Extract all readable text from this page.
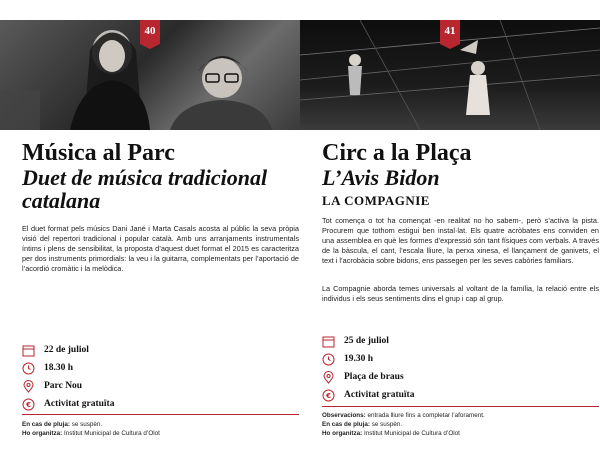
40	41
Música al Parc
Duet de música tradicional catalana

El duet format pels músics Dani Jané i Marta Casals acosta al públic la seva pròpia visió del repertori tradicional i popular català. Amb uns arranjaments instrumentals íntims i plens de sensibilitat, la proposta d’aquest duet format el 2015 es caracteritza per dos instruments primordials: la veu i la guitarra, complementats per l’aportació de l’acordió cromàtic i la melòdica.

22 de juliol
18.30 h
Parc Nou
€ Activitat gratuïta
En cas de pluja: se suspèn.
Ho organitza: Institut Municipal de Cultura d’Olot
Circ a la Plaça
L’Avis Bidon
LA COMPAGNIE

Tot comença o tot ha començat -en realitat no ho sabem-, però s’activa la pista. Procurem que tothom estigui ben instal·lat. Els quatre acròbates ens conviden en una assemblea en què les formes d’expressió són tant físiques com verbals. A través de la bàscula, el cant, l’escala lliure, la perxa xinesa, el llançament de ganivets, el text i l’acrobàcia sobre bidons, ens passegen per les seves cabòries familiars.

La Compagnie aborda temes universals al voltant de la família, la relació entre els individus i els seus sentiments dins el grup i cap al grup.

25 de juliol
19.30 h
Plaça de braus
€ Activitat gratuïta
Observacions: entrada lliure fins a completar l’aforament.
En cas de pluja: se suspèn.
Ho organitza: Institut Municipal de Cultura d’Olot
